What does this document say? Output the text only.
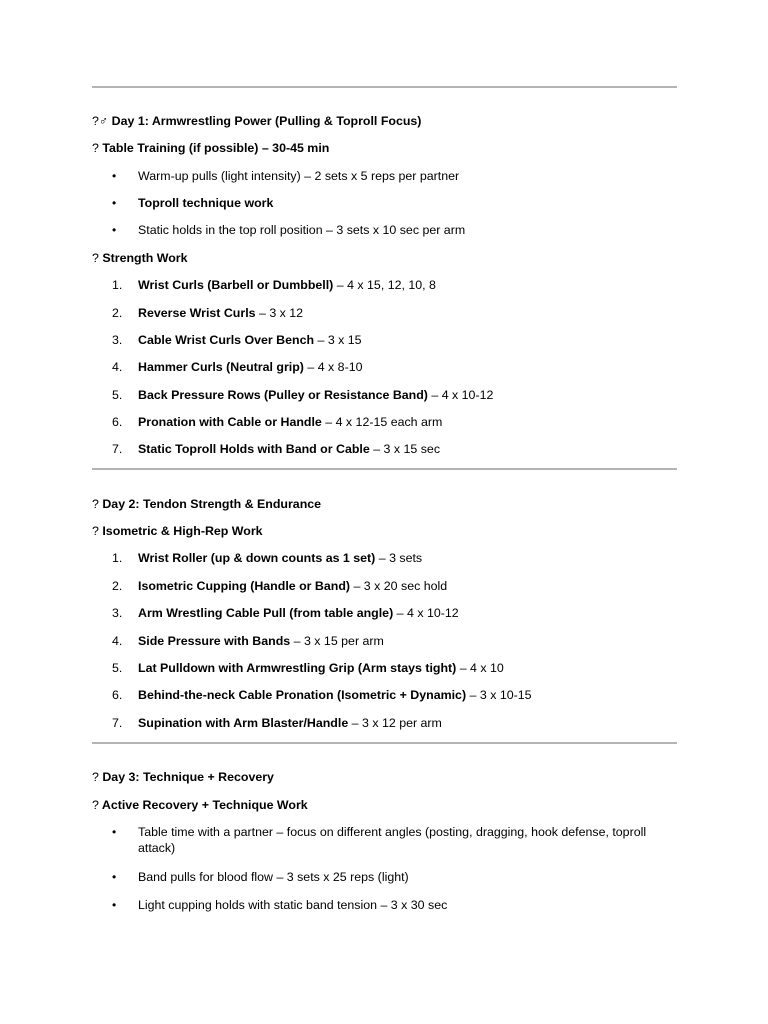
?♂ Day 1: Armwrestling Power (Pulling & Toproll Focus)
? Table Training (if possible) – 30-45 min
• Warm-up pulls (light intensity) – 2 sets x 5 reps per partner
• Toproll technique work
• Static holds in the top roll position – 3 sets x 10 sec per arm
? Strength Work
1.	Wrist Curls (Barbell or Dumbbell) – 4 x 15, 12, 10, 8
2.	Reverse Wrist Curls – 3 x 12
3.	Cable Wrist Curls Over Bench – 3 x 15
4.	Hammer Curls (Neutral grip) – 4 x 8-10
5.	Back Pressure Rows (Pulley or Resistance Band) – 4 x 10-12
6.	Pronation with Cable or Handle – 4 x 12-15 each arm
7.	Static Toproll Holds with Band or Cable – 3 x 15 sec
? Day 2: Tendon Strength & Endurance
? Isometric & High-Rep Work
1.	Wrist Roller (up & down counts as 1 set) – 3 sets
2.	Isometric Cupping (Handle or Band) – 3 x 20 sec hold
3.	Arm Wrestling Cable Pull (from table angle) – 4 x 10-12
4.	Side Pressure with Bands – 3 x 15 per arm
5.	Lat Pulldown with Armwrestling Grip (Arm stays tight) – 4 x 10
6.	Behind-the-neck Cable Pronation (Isometric + Dynamic) – 3 x 10-15
7.	Supination with Arm Blaster/Handle – 3 x 12 per arm
? Day 3: Technique + Recovery
? Active Recovery + Technique Work
• Table time with a partner – focus on different angles (posting, dragging, hook defense, toproll attack)
• Band pulls for blood flow – 3 sets x 25 reps (light)
• Light cupping holds with static band tension – 3 x 30 sec
